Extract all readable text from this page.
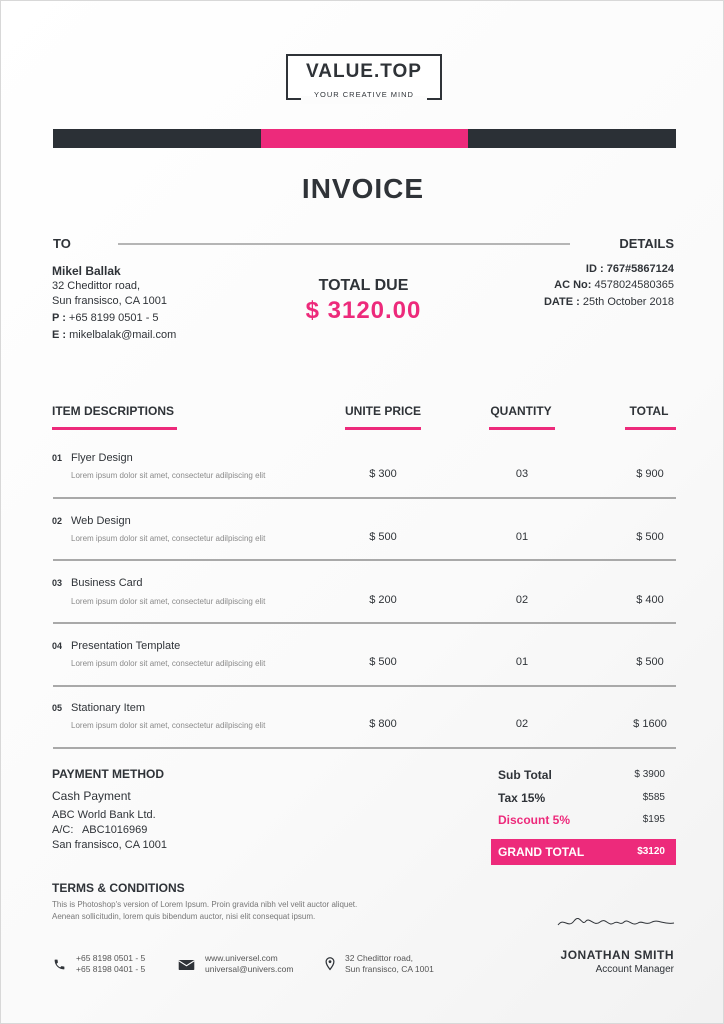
VALUE.TOP
YOUR CREATIVE MIND
INVOICE
TO	DETAILS
Mikel Ballak
32 Chedittor road,
Sun fransisco, CA 1001
P : +65 8199 0501 - 5
E : mikelbalak@mail.com
TOTAL DUE
$ 3120.00
ID : 767#5867124
AC No: 4578024580365
DATE : 25th October 2018
ITEM DESCRIPTIONS	UNITE PRICE	QUANTITY	TOTAL
01 Flyer Design
Lorem ipsum dolor sit amet, consectetur adilpiscing elit	$ 300	03	$ 900
02 Web Design
Lorem ipsum dolor sit amet, consectetur adilpiscing elit	$ 500	01	$ 500
03 Business Card
Lorem ipsum dolor sit amet, consectetur adilpiscing elit	$ 200	02	$ 400
04 Presentation Template
Lorem ipsum dolor sit amet, consectetur adilpiscing elit	$ 500	01	$ 500
05 Stationary Item
Lorem ipsum dolor sit amet, consectetur adilpiscing elit	$ 800	02	$ 1600
PAYMENT METHOD
Cash Payment
ABC World Bank Ltd.
A/C:   ABC1016969
San fransisco, CA 1001
Sub Total	$ 3900
Tax 15%	$585
Discount 5%	$195
GRAND TOTAL	$3120
TERMS & CONDITIONS
This is Photoshop's version of Lorem Ipsum. Proin gravida nibh vel velit auctor aliquet.
Aenean sollicitudin, lorem quis bibendum auctor, nisi elit consequat ipsum.
JONATHAN SMITH
Account Manager
+65 8198 0501 - 5
+65 8198 0401 - 5
www.universel.com
universal@univers.com
32 Chedittor road,
Sun fransisco, CA 1001
